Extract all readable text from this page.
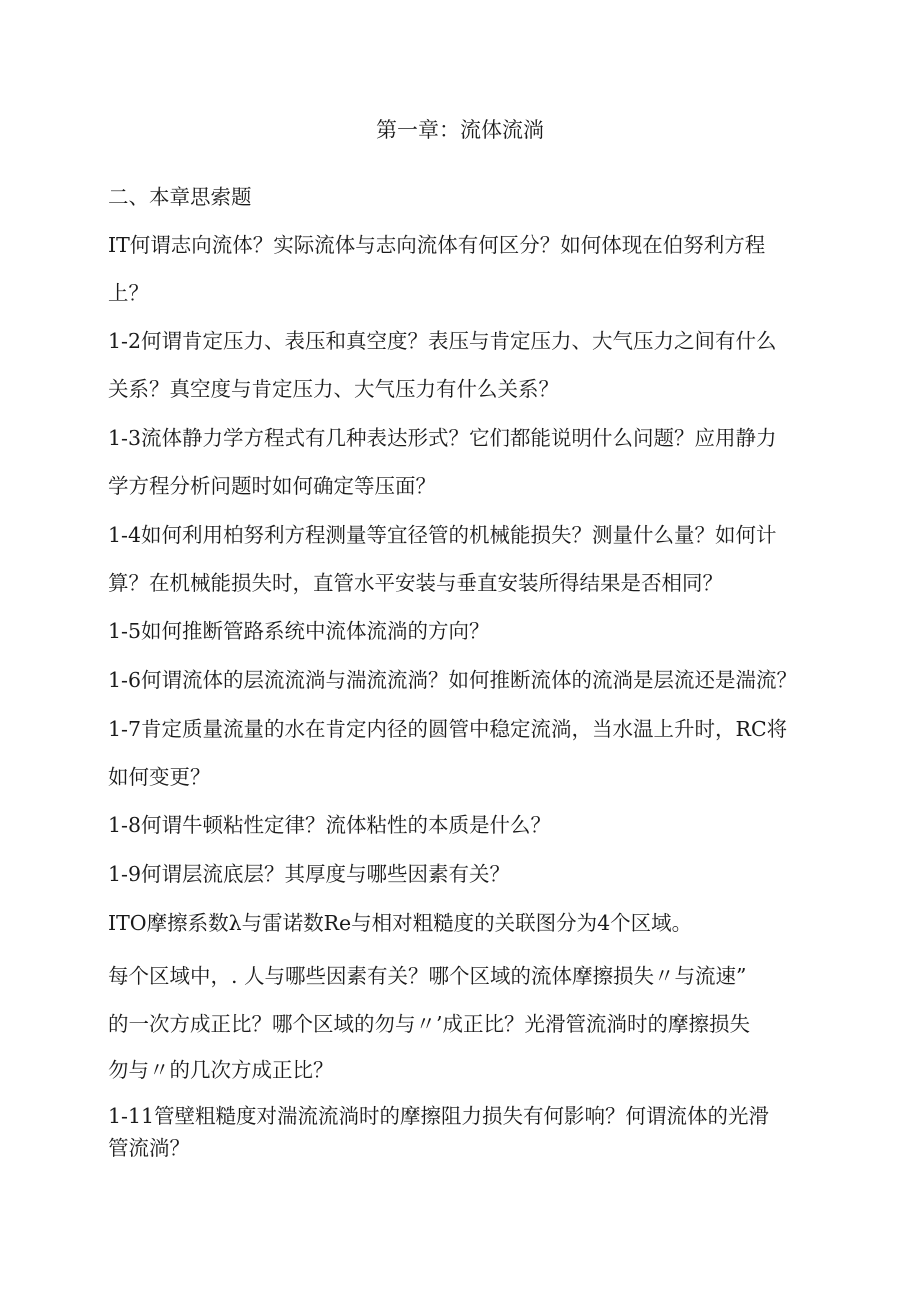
第一章：流体流淌
二、本章思索题
IT何谓志向流体？实际流体与志向流体有何区分？如何体现在伯努利方程
上？
1-2何谓肯定压力、表压和真空度？表压与肯定压力、大气压力之间有什么
关系？真空度与肯定压力、大气压力有什么关系？
1-3流体静力学方程式有几种表达形式？它们都能说明什么问题？应用静力
学方程分析问题时如何确定等压面？
1-4如何利用柏努利方程测量等宜径管的机械能损失？测量什么量？如何计
算？在机械能损失时，直管水平安装与垂直安装所得结果是否相同？
1-5如何推断管路系统中流体流淌的方向？
1-6何谓流体的层流流淌与湍流流淌？如何推断流体的流淌是层流还是湍流？
1-7肯定质量流量的水在肯定内径的圆管中稳定流淌，当水温上升时，RC将
如何变更？
1-8何谓牛顿粘性定律？流体粘性的本质是什么？
1-9何谓层流底层？其厚度与哪些因素有关？
ITO摩擦系数λ与雷诺数Re与相对粗糙度的关联图分为4个区域。
每个区域中，. 人与哪些因素有关？哪个区域的流体摩擦损失〃与流速”
的一次方成正比？哪个区域的勿与〃’成正比？光滑管流淌时的摩擦损失
勿与〃的几次方成正比？
1-11管壁粗糙度对湍流流淌时的摩擦阻力损失有何影响？何谓流体的光滑
管流淌？
